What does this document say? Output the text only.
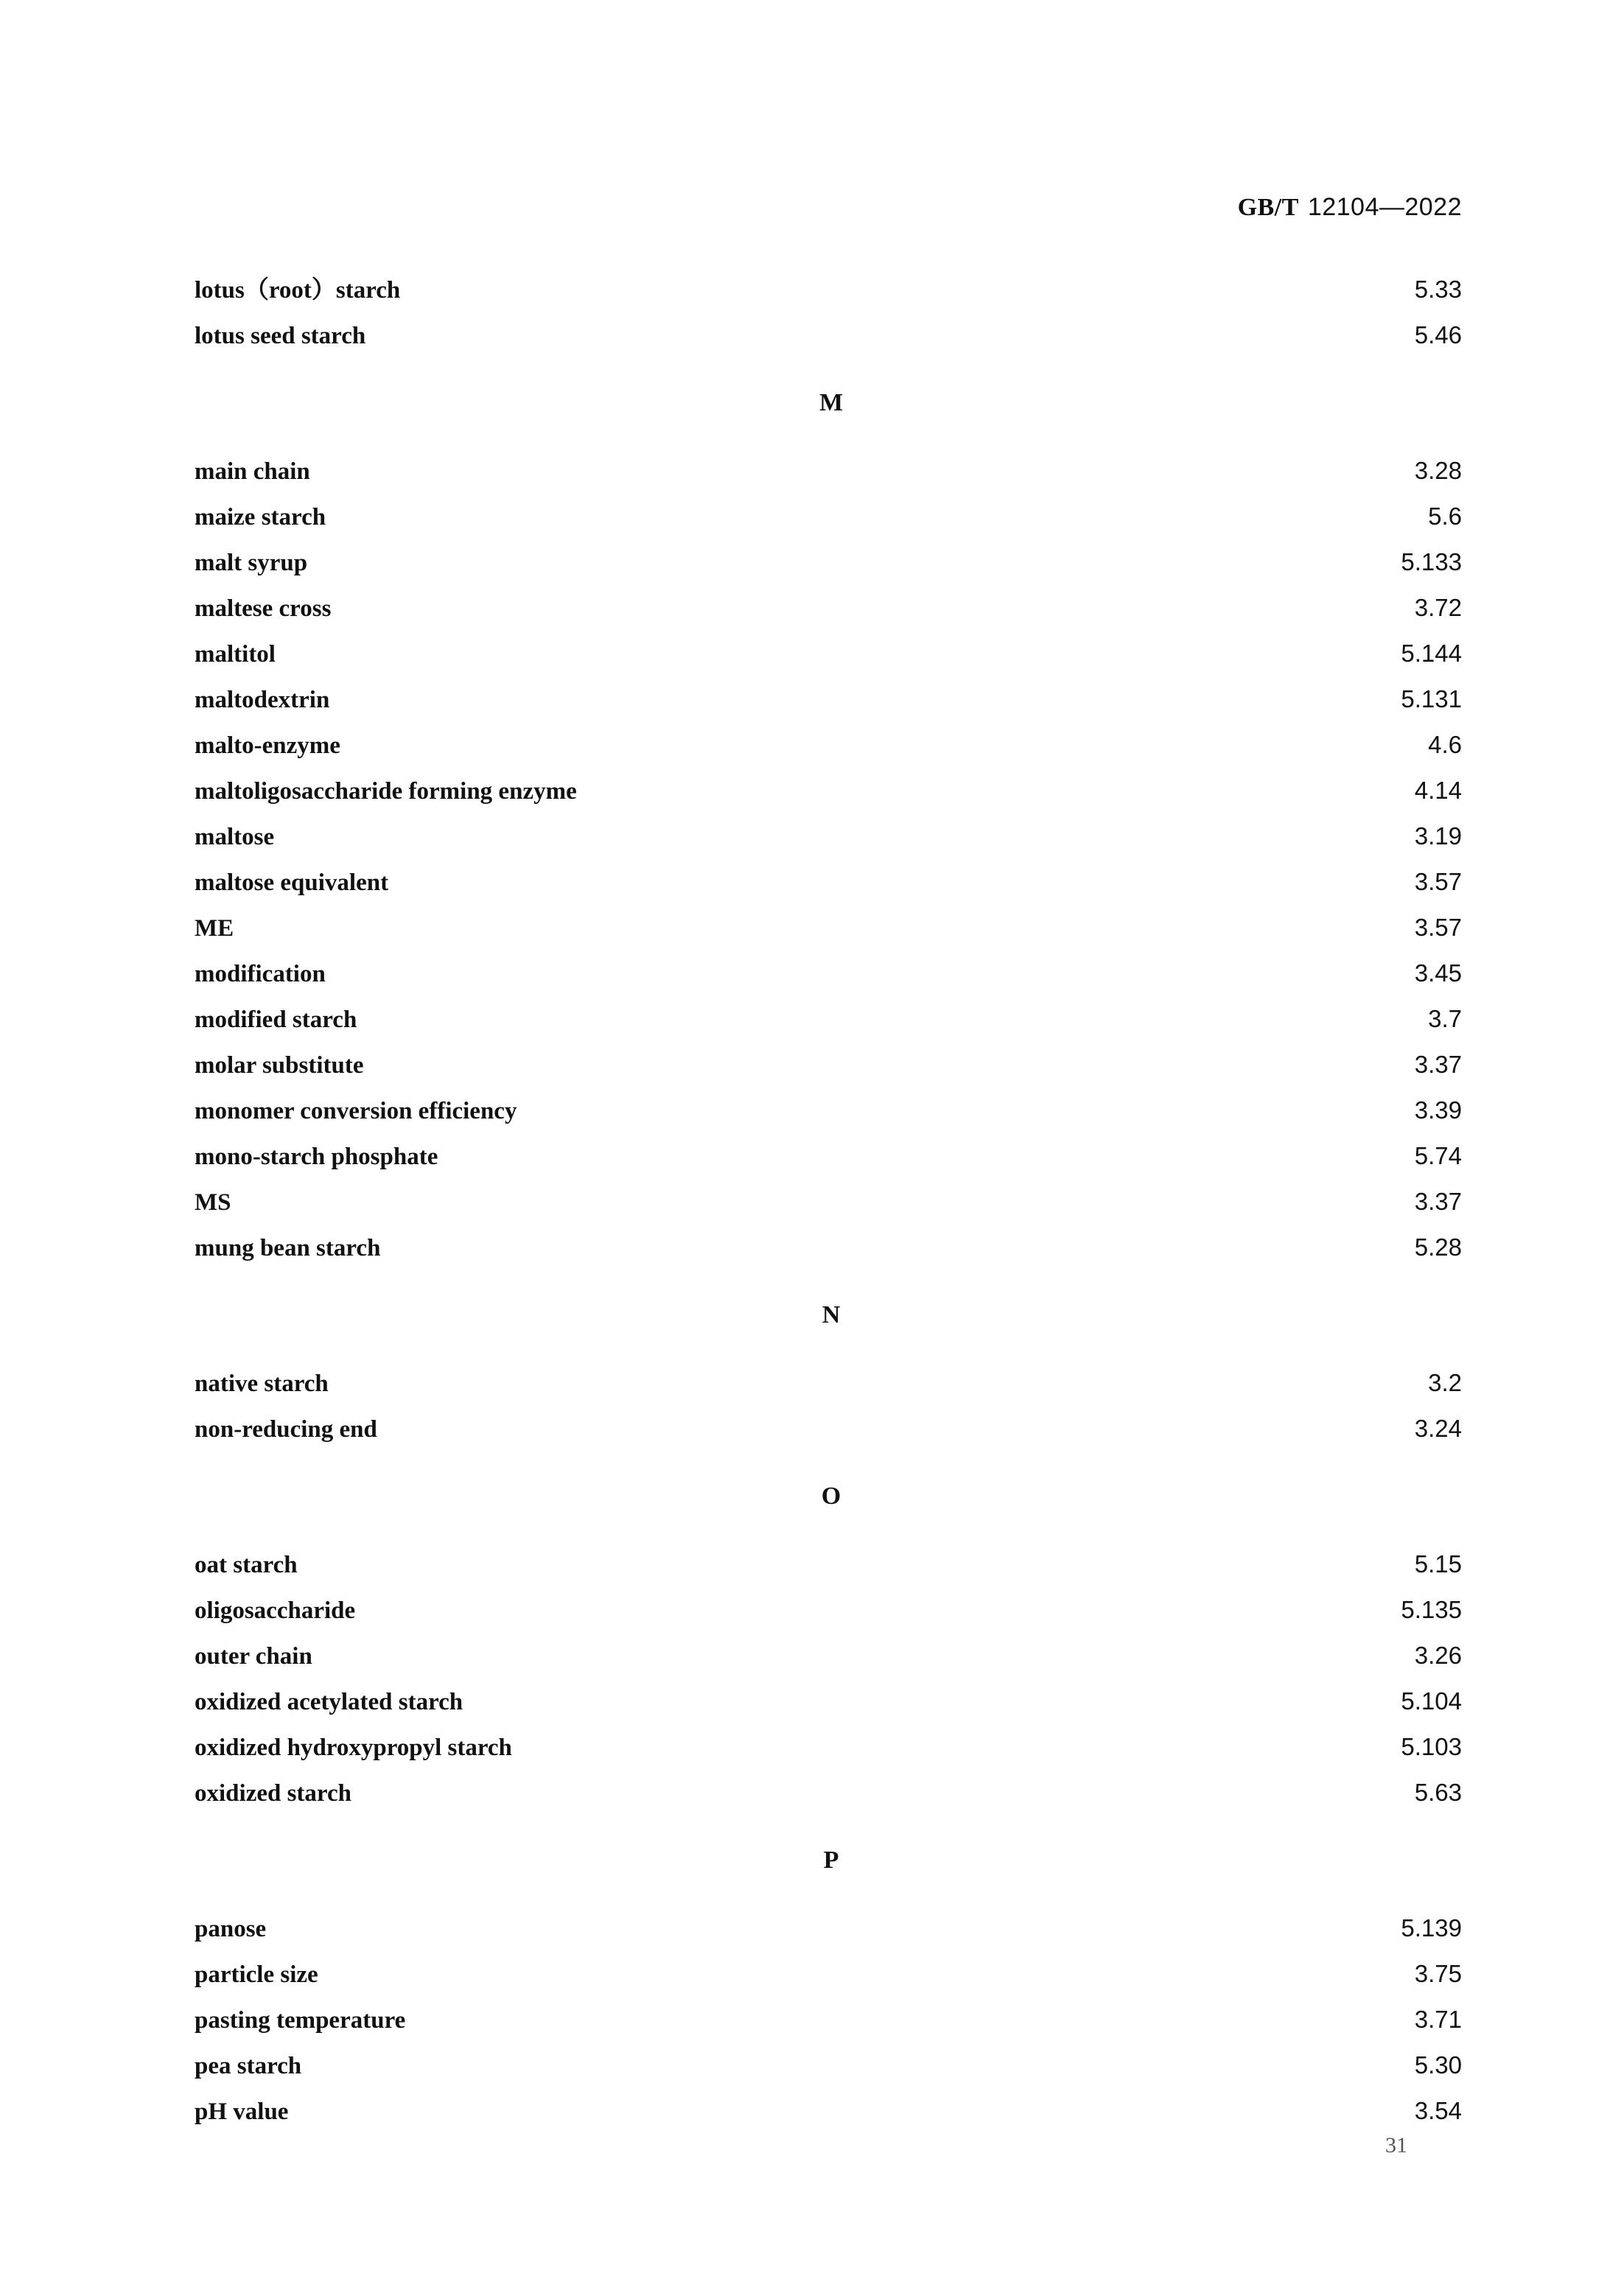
GB/T 12104—2022
lotus（root）starch	5.33
lotus seed starch	5.46
M
main chain	3.28
maize starch	5.6
malt syrup	5.133
maltese cross	3.72
maltitol	5.144
maltodextrin	5.131
malto-enzyme	4.6
maltoligosaccharide forming enzyme	4.14
maltose	3.19
maltose equivalent	3.57
ME	3.57
modification	3.45
modified starch	3.7
molar substitute	3.37
monomer conversion efficiency	3.39
mono-starch phosphate	5.74
MS	3.37
mung bean starch	5.28
N
native starch	3.2
non-reducing end	3.24
O
oat starch	5.15
oligosaccharide	5.135
outer chain	3.26
oxidized acetylated starch	5.104
oxidized hydroxypropyl starch	5.103
oxidized starch	5.63
P
panose	5.139
particle size	3.75
pasting temperature	3.71
pea starch	5.30
pH value	3.54
31
